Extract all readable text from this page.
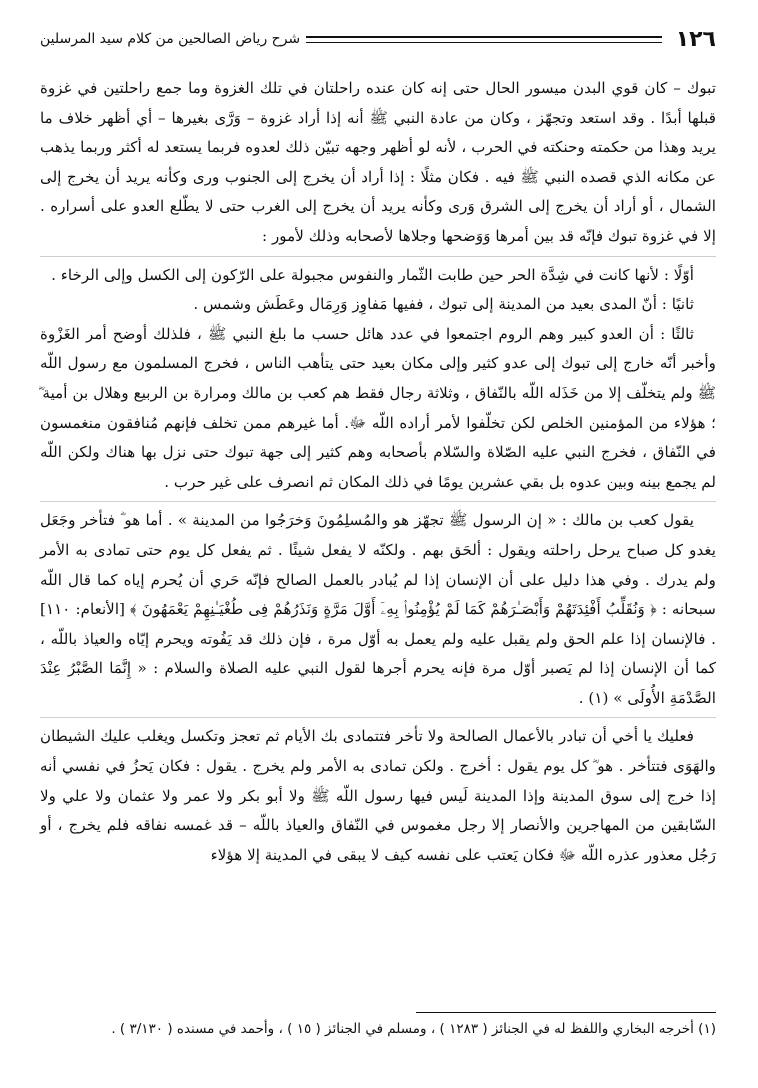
١٢٦
شرح رياض الصالحين من كلام سيد المرسلين

تبوك – كان قوي البدن ميسور الحال حتى إنه كان عنده راحلتان في تلك الغزوة وما جمع راحلتين في غزوة قبلها أبدًا . وقد استعد وتجهّز ، وكان من عادة النبي ﷺ أنه إذا أراد غزوة – وَرَّى بغيرها – أي أظهر خلاف ما يريد وهذا من حكمته وحنكته في الحرب ، لأنه لو أظهر وجهه تبيّن ذلك لعدوه فربما يستعد له أكثر وربما يذهب عن مكانه الذي قصده النبي ﷺ فيه . فكان مثلًا : إذا أراد أن يخرج إلى الجنوب ورى وكأنه يريد أن يخرج إلى الشمال ، أو أراد أن يخرج إلى الشرق وَرى وكأنه يريد أن يخرج إلى الغرب حتى لا يطّلع العدو على أسراره . إلا في غزوة تبوك فإنّه قد بين أمرها وَوَضحها وجلاها لأصحابه وذلك لأمور :

أوّلًا : لأنها كانت في شِدَّة الحر حين طابت الثّمار والنفوس مجبولة على الرّكون إلى الكسل وإلى الرخاء .

ثانيًا : أنّ المدى بعيد من المدينة إلى تبوك ، ففيها مَفاوِز وَرِمَال وعَطَش وشمس .

ثالثًا : أن العدو كبير وهم الروم اجتمعوا في عدد هائل حسب ما بلغ النبي ﷺ ، فلذلك أوضح أمر الغَزْوة وأخبر أنّه خارج إلى تبوك إلى عدو كثير وإلى مكان بعيد حتى يتأهب الناس ، فخرج المسلمون مع رسول اللّه ﷺ ولم يتخلّف إلا من خَذَله اللّه بالنّفاق ، وثلاثة رجال فقط هم كعب بن مالك ومرارة بن الربيع وهلال بن أمية ؓ ؛ هؤلاء من المؤمنين الخلص لكن تخلّفوا لأمر أراده اللّه ﷻ. أما غيرهم ممن تخلف فإنهم مُنافقون منغمسون في النّفاق ، فخرج النبي عليه الصّلاة والسّلام بأصحابه وهم كثير إلى جهة تبوك حتى نزل بها هناك ولكن اللّه لم يجمع بينه وبين عدوه بل بقي عشرين يومًا في ذلك المكان ثم انصرف على غير حرب .

يقول كعب بن مالك : « إن الرسول ﷺ تجهّز هو والمُسلِمُونَ وَخرَجُوا من المدينة » . أما هو ؓ فتأخر وجَعَل يغدو كل صباح يرحل راحلته ويقول : ألحَق بهم . ولكنّه لا يفعل شيئًا . ثم يفعل كل يوم حتى تمادى به الأمر ولم يدرك . وفي هذا دليل على أن الإنسان إذا لم يُبادر بالعمل الصالح فإنّه حَري أن يُحرم إياه كما قال اللّه سبحانه : ﴿ وَنُقَلِّبُ أَفْئِدَتَهُمْ وَأَبْصَـٰرَهُمْ كَمَا لَمْ يُؤْمِنُوا۟ بِهِۦٓ أَوَّلَ مَرَّةٍ وَنَذَرُهُمْ فِى طُغْيَـٰنِهِمْ يَعْمَهُونَ ﴾ [الأنعام: ١١٠] . فالإنسان إذا علم الحق ولم يقبل عليه ولم يعمل به أوّل مرة ، فإن ذلك قد يَفُوته ويحرم إيّاه والعياذ باللّه ، كما أن الإنسان إذا لم يَصبر أوّل مرة فإنه يحرم أجرها لقول النبي عليه الصلاة والسلام : « إِنَّمَا الصَّبْرُ عِنْدَ الصَّدْمَةِ الأُولَى » (١) .

فعليك يا أخي أن تبادر بالأعمال الصالحة ولا تأخر فتتمادى بك الأيام ثم تعجز وتكسل ويغلب عليك الشيطان والهَوَى فتتأخر . هو ؓ كل يوم يقول : أخرج . ولكن تمادى به الأمر ولم يخرج . يقول : فكان يَحزُ في نفسي أنه إذا خرج إلى سوق المدينة وإذا المدينة لَيس فيها رسول اللّه ﷺ ولا أبو بكر ولا عمر ولا عثمان ولا علي ولا السّابقين من المهاجرين والأنصار إلا رجل مغموس في النّفاق والعياذ باللّه – قد غمسه نفاقه فلم يخرج ، أو رَجُل معذور عذره اللّه ﷻ فكان يَعتب على نفسه كيف لا يبقى في المدينة إلا هؤلاء

(١) أخرجه البخاري واللفظ له في الجنائز ( ١٢٨٣ ) ، ومسلم في الجنائز ( ١٥ ) ، وأحمد في مسنده ( ٣/١٣٠ ) .
